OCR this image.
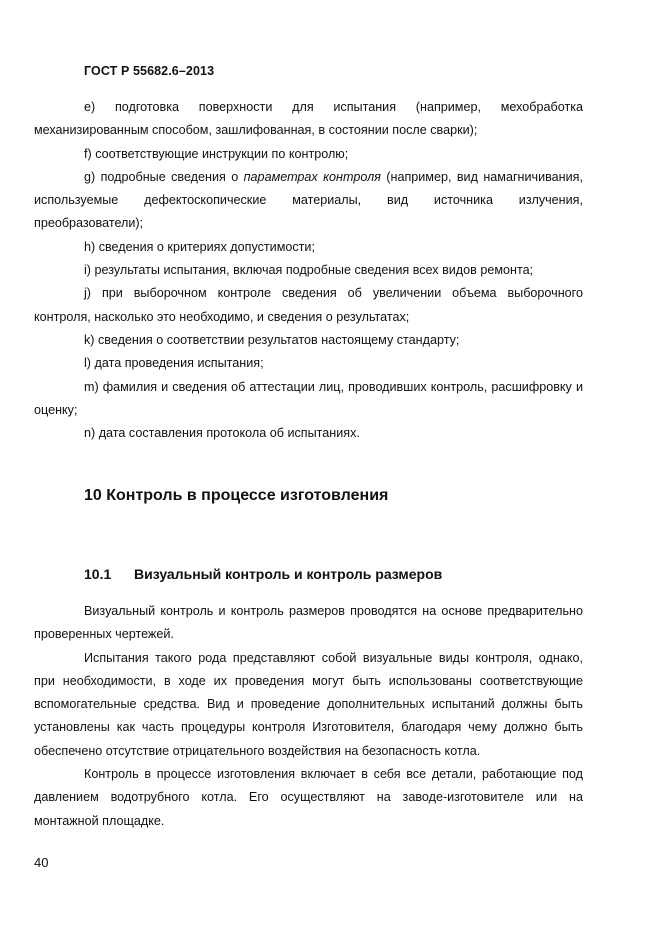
ГОСТ Р 55682.6–2013

е) подготовка поверхности для испытания (например, мехобработка механизированным способом, зашлифованная, в состоянии после сварки);

f) соответствующие инструкции по контролю;

g) подробные сведения о параметрах контроля (например, вид намагничивания, используемые дефектоскопические материалы, вид источника излучения, преобразователи);

h) сведения о критериях допустимости;

i) результаты испытания, включая подробные сведения всех видов ремонта;

j) при выборочном контроле сведения об увеличении объема выборочного контроля, насколько это необходимо, и сведения о результатах;

k) сведения о соответствии результатов настоящему стандарту;

l) дата проведения испытания;

m) фамилия и сведения об аттестации лиц, проводивших контроль, расшифровку и оценку;

n) дата составления протокола об испытаниях.

10 Контроль в процессе изготовления
10.1 Визуальный контроль и контроль размеров

Визуальный контроль и контроль размеров проводятся на основе предварительно проверенных чертежей.

Испытания такого рода представляют собой визуальные виды контроля, однако, при необходимости, в ходе их проведения могут быть использованы соответствующие вспомогательные средства. Вид и проведение дополнительных испытаний должны быть установлены как часть процедуры контроля Изготовителя, благодаря чему должно быть обеспечено отсутствие отрицательного воздействия на безопасность котла.

Контроль в процессе изготовления включает в себя все детали, работающие под давлением водотрубного котла. Его осуществляют на заводе-изготовителе или на монтажной площадке.

40
